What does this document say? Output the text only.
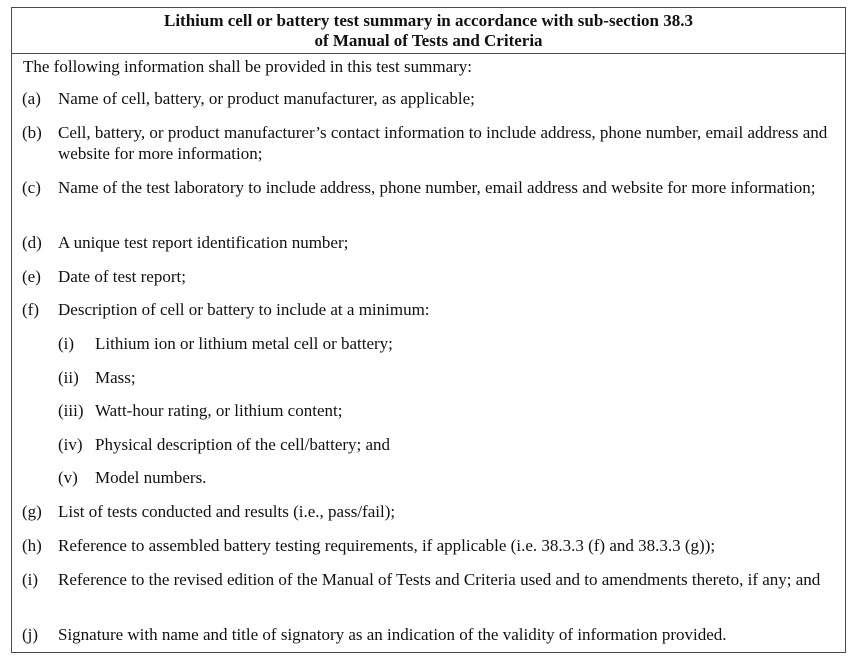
Lithium cell or battery test summary in accordance with sub-section 38.3
of Manual of Tests and Criteria
The following information shall be provided in this test summary:
(a) Name of cell, battery, or product manufacturer, as applicable;
(b) Cell, battery, or product manufacturer’s contact information to include address, phone number, email address and website for more information;
(c) Name of the test laboratory to include address, phone number, email address and website for more information;
(d) A unique test report identification number;
(e) Date of test report;
(f) Description of cell or battery to include at a minimum:
(i) Lithium ion or lithium metal cell or battery;
(ii) Mass;
(iii) Watt-hour rating, or lithium content;
(iv) Physical description of the cell/battery; and
(v) Model numbers.
(g) List of tests conducted and results (i.e., pass/fail);
(h) Reference to assembled battery testing requirements, if applicable (i.e. 38.3.3 (f) and 38.3.3 (g));
(i) Reference to the revised edition of the Manual of Tests and Criteria used and to amendments thereto, if any; and
(j) Signature with name and title of signatory as an indication of the validity of information provided.
